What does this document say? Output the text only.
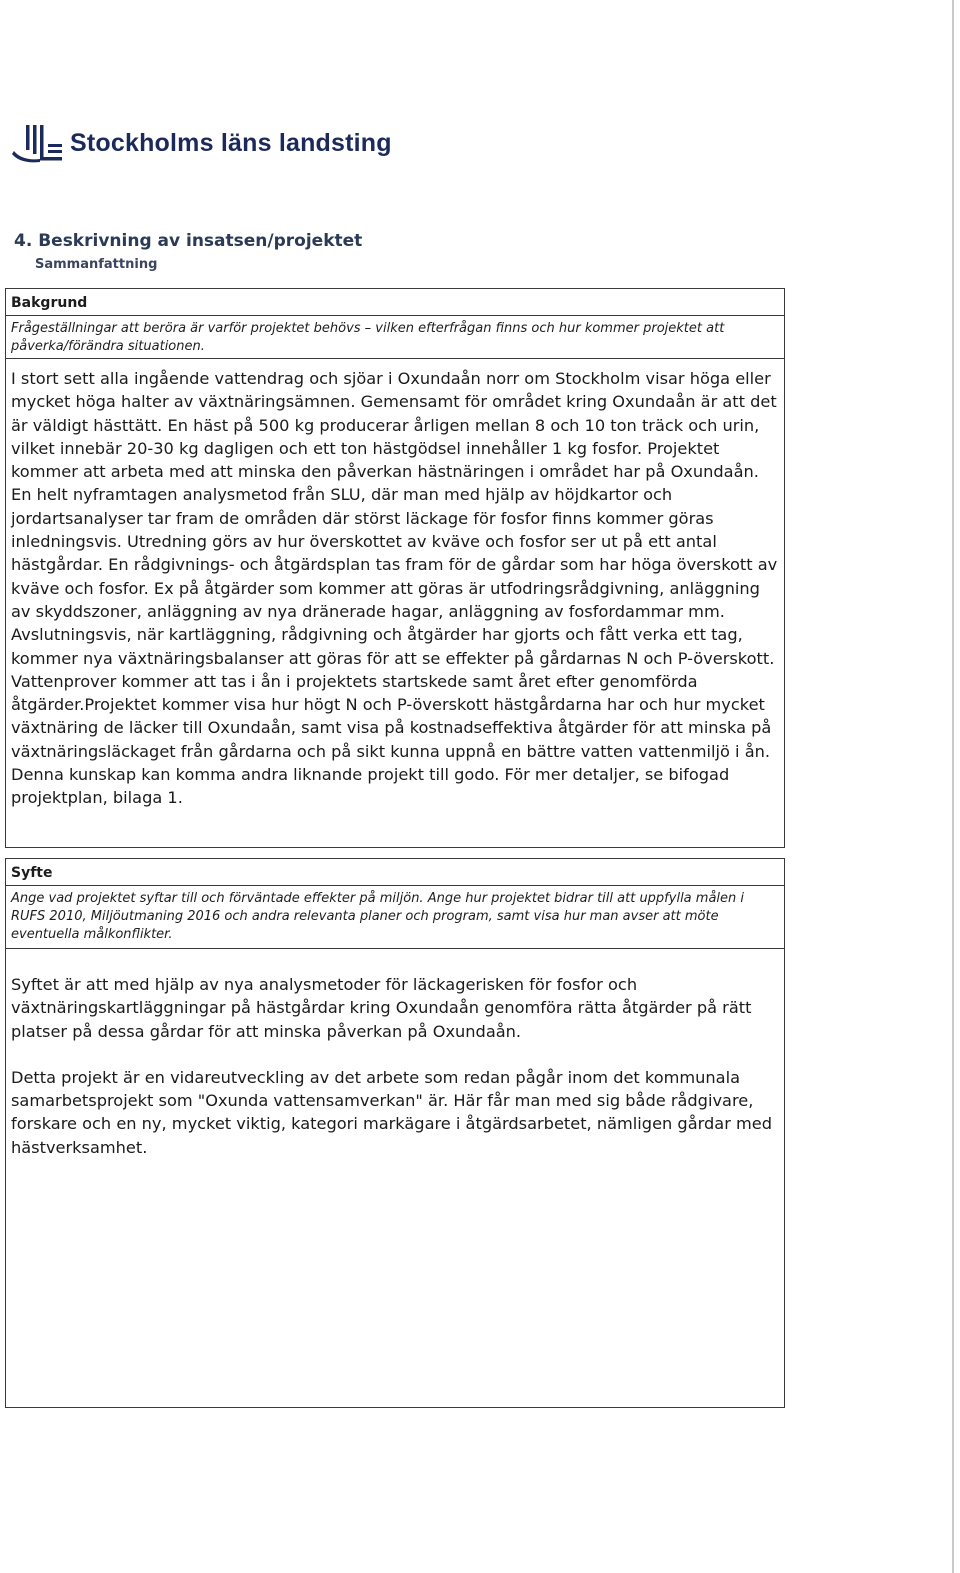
Stockholms läns landsting
4. Beskrivning av insatsen/projektet
Sammanfattning
Bakgrund
Frågeställningar att beröra är varför projektet behövs – vilken efterfrågan finns och hur kommer projektet att påverka/förändra situationen.

I stort sett alla ingående vattendrag och sjöar i Oxundaån norr om Stockholm visar höga eller mycket höga halter av växtnäringsämnen. Gemensamt för området kring Oxundaån är att det är väldigt hästtätt. En häst på 500 kg producerar årligen mellan 8 och 10 ton träck och urin, vilket innebär 20-30 kg dagligen och ett ton hästgödsel innehåller 1 kg fosfor. Projektet kommer att arbeta med att minska den påverkan hästnäringen i området har på Oxundaån. En helt nyframtagen analysmetod från SLU, där man med hjälp av höjdkartor och jordartsanalyser tar fram de områden där störst läckage för fosfor finns kommer göras inledningsvis. Utredning görs av hur överskottet av kväve och fosfor ser ut på ett antal hästgårdar. En rådgivnings- och åtgärdsplan tas fram för de gårdar som har höga överskott av kväve och fosfor. Ex på åtgärder som kommer att göras är utfodringsrådgivning, anläggning av skyddszoner, anläggning av nya dränerade hagar, anläggning av fosfordammar mm.

Avslutningsvis, när kartläggning, rådgivning och åtgärder har gjorts och fått verka ett tag, kommer nya växtnäringsbalanser att göras för att se effekter på gårdarnas N och P-överskott. Vattenprover kommer att tas i ån i projektets startskede samt året efter genomförda åtgärder.Projektet kommer visa hur högt N och P-överskott hästgårdarna har och hur mycket växtnäring de läcker till Oxundaån, samt visa på kostnadseffektiva åtgärder för att minska på växtnäringsläckaget från gårdarna och på sikt kunna uppnå en bättre vatten vattenmiljö i ån. Denna kunskap kan komma andra liknande projekt till godo. För mer detaljer, se bifogad projektplan, bilaga 1.

Syfte
Ange vad projektet syftar till och förväntade effekter på miljön. Ange hur projektet bidrar till att uppfylla målen i RUFS 2010, Miljöutmaning 2016 och andra relevanta planer och program, samt visa hur man avser att möte eventuella målkonflikter.

Syftet är att med hjälp av nya analysmetoder för läckagerisken för fosfor och växtnäringskartläggningar på hästgårdar kring Oxundaån genomföra rätta åtgärder på rätt platser på dessa gårdar för att minska påverkan på Oxundaån.

Detta projekt är en vidareutveckling av det arbete som redan pågår inom det kommunala samarbetsprojekt som "Oxunda vattensamverkan" är. Här får man med sig både rådgivare, forskare och en ny, mycket viktig, kategori markägare i åtgärdsarbetet, nämligen gårdar med hästverksamhet.
